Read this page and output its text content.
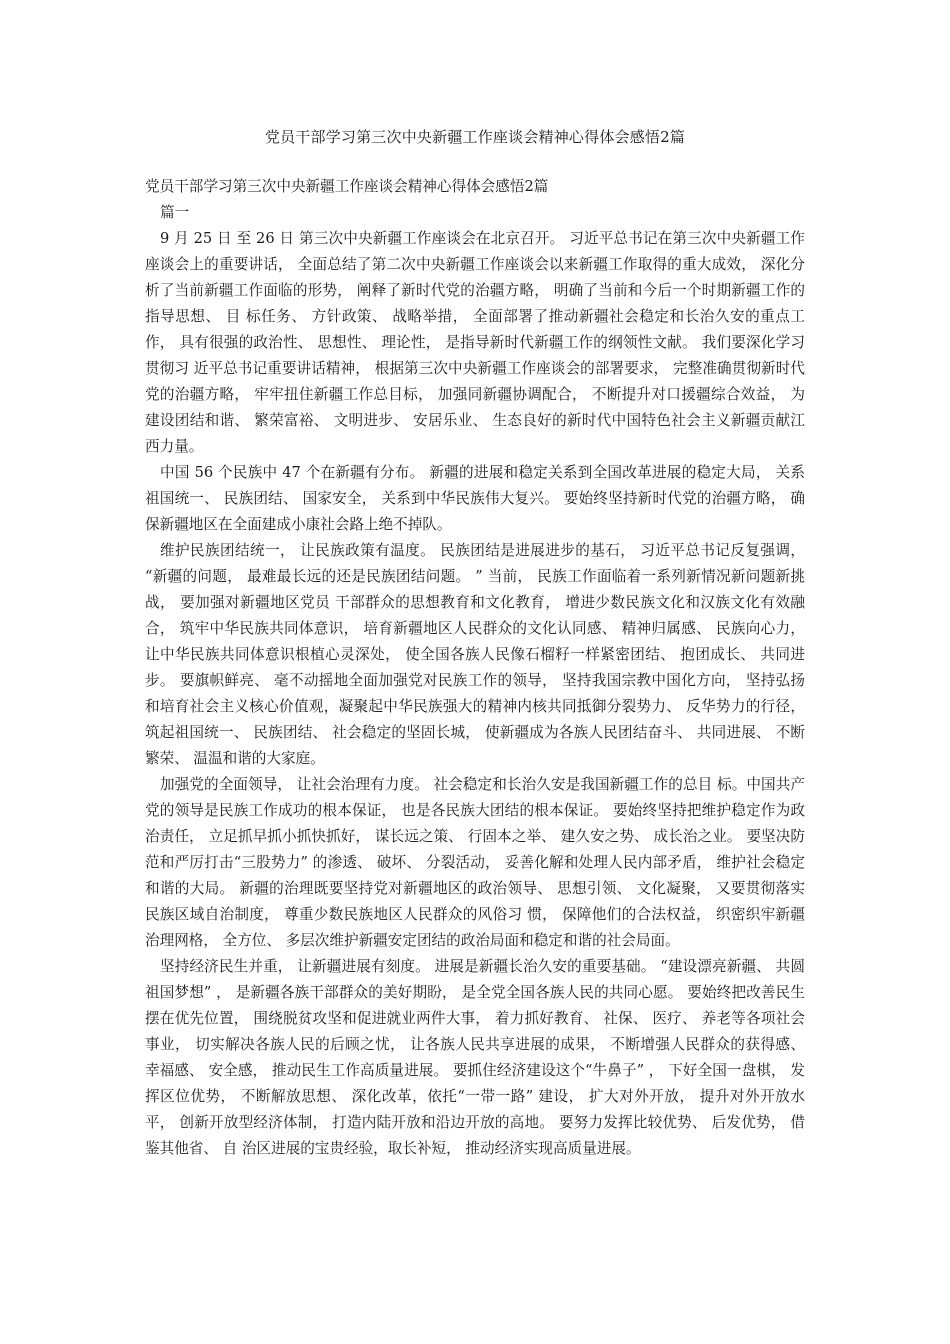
党员干部学习第三次中央新疆工作座谈会精神心得体会感悟2篇

党员干部学习第三次中央新疆工作座谈会精神心得体会感悟2篇

篇一

9 月 25 日 至 26 日 第三次中央新疆工作座谈会在北京召开。 习近平总书记在第三次中央新疆工作座谈会上的重要讲话， 全面总结了第二次中央新疆工作座谈会以来新疆工作取得的重大成效， 深化分析了当前新疆工作面临的形势， 阐释了新时代党的治疆方略， 明确了当前和今后一个时期新疆工作的指导思想、 目 标任务、 方针政策、 战略举措， 全面部署了推动新疆社会稳定和长治久安的重点工作， 具有很强的政治性、 思想性、 理论性， 是指导新时代新疆工作的纲领性文献。 我们要深化学习 贯彻习 近平总书记重要讲话精神， 根据第三次中央新疆工作座谈会的部署要求， 完整准确贯彻新时代党的治疆方略， 牢牢扭住新疆工作总目标， 加强同新疆协调配合， 不断提升对口援疆综合效益， 为建设团结和谐、 繁荣富裕、 文明进步、 安居乐业、 生态良好的新时代中国特色社会主义新疆贡献江西力量。

中国 56 个民族中 47 个在新疆有分布。 新疆的进展和稳定关系到全国改革进展的稳定大局， 关系祖国统一、 民族团结、 国家安全， 关系到中华民族伟大复兴。 要始终坚持新时代党的治疆方略， 确保新疆地区在全面建成小康社会路上绝不掉队。

维护民族团结统一， 让民族政策有温度。 民族团结是进展进步的基石， 习近平总书记反复强调， “新疆的问题， 最难最长远的还是民族团结问题。 ” 当前， 民族工作面临着一系列新情况新问题新挑战， 要加强对新疆地区党员 干部群众的思想教育和文化教育， 增进少数民族文化和汉族文化有效融合， 筑牢中华民族共同体意识， 培育新疆地区人民群众的文化认同感、 精神归属感、 民族向心力，让中华民族共同体意识根植心灵深处， 使全国各族人民像石榴籽一样紧密团结、 抱团成长、 共同进步。 要旗帜鲜亮、 毫不动摇地全面加强党对民族工作的领导， 坚持我国宗教中国化方向， 坚持弘扬和培育社会主义核心价值观，凝聚起中华民族强大的精神内核共同抵御分裂势力、 反华势力的行径， 筑起祖国统一、 民族团结、 社会稳定的坚固长城， 使新疆成为各族人民团结奋斗、 共同进展、 不断繁荣、 温温和谐的大家庭。

加强党的全面领导， 让社会治理有力度。 社会稳定和长治久安是我国新疆工作的总目 标。中国共产党的领导是民族工作成功的根本保证， 也是各民族大团结的根本保证。 要始终坚持把维护稳定作为政治责任， 立足抓早抓小抓快抓好， 谋长远之策、 行固本之举、 建久安之势、 成长治之业。 要坚决防范和严厉打击“三股势力” 的渗透、 破坏、 分裂活动， 妥善化解和处理人民内部矛盾， 维护社会稳定和谐的大局。 新疆的治理既要坚持党对新疆地区的政治领导、 思想引领、 文化凝聚， 又要贯彻落实民族区域自治制度， 尊重少数民族地区人民群众的风俗习 惯， 保障他们的合法权益， 织密织牢新疆治理网格， 全方位、 多层次维护新疆安定团结的政治局面和稳定和谐的社会局面。

坚持经济民生并重， 让新疆进展有刻度。 进展是新疆长治久安的重要基础。 “建设漂亮新疆、 共圆祖国梦想” ， 是新疆各族干部群众的美好期盼， 是全党全国各族人民的共同心愿。 要始终把改善民生摆在优先位置， 围绕脱贫攻坚和促进就业两件大事， 着力抓好教育、 社保、 医疗、 养老等各项社会事业， 切实解决各族人民的后顾之忧， 让各族人民共享进展的成果， 不断增强人民群众的获得感、 幸福感、 安全感， 推动民生工作高质量进展。 要抓住经济建设这个“牛鼻子” ， 下好全国一盘棋， 发挥区位优势， 不断解放思想、 深化改革，依托“一带一路” 建设， 扩大对外开放， 提升对外开放水平， 创新开放型经济体制， 打造内陆开放和沿边开放的高地。 要努力发挥比较优势、 后发优势， 借鉴其他省、 自 治区进展的宝贵经验，取长补短， 推动经济实现高质量进展。
